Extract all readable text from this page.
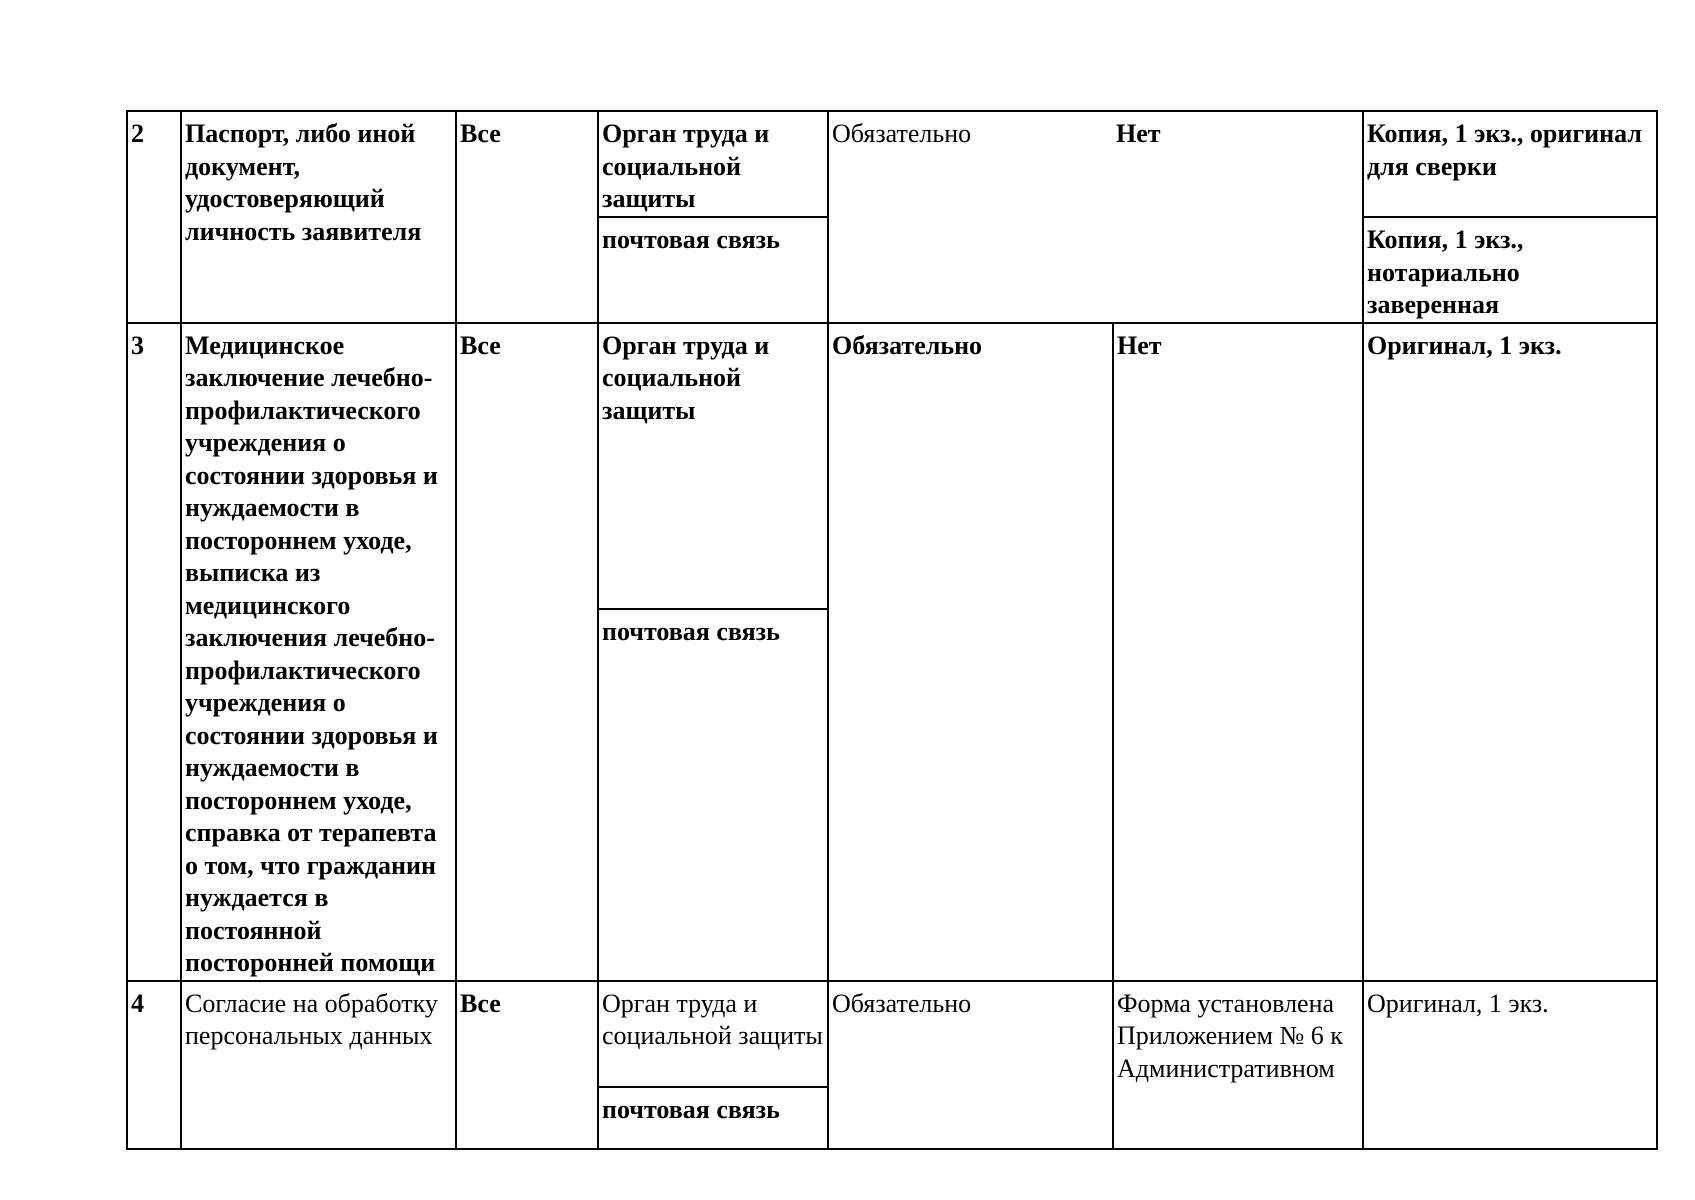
2	Паспорт, либо иной документ, удостоверяющий личность заявителя	Все	Орган труда и социальной защиты	Обязательно	Нет	Копия, 1 экз., оригинал для сверки
			почтовая связь			Копия, 1 экз., нотариально заверенная
3	Медицинское заключение лечебно-профилактического учреждения о состоянии здоровья и нуждаемости в постороннем уходе, выписка из медицинского заключения лечебно-профилактического учреждения о состоянии здоровья и нуждаемости в постороннем уходе, справка от терапевта о том, что гражданин нуждается в постоянной посторонней помощи	Все	Орган труда и социальной защиты	Обязательно	Нет	Оригинал, 1 экз.
			почтовая связь			
4	Согласие на обработку персональных данных	Все	Орган труда и социальной защиты	Обязательно	Форма установлена Приложением № 6 к Административном	Оригинал, 1 экз.
			почтовая связь			
